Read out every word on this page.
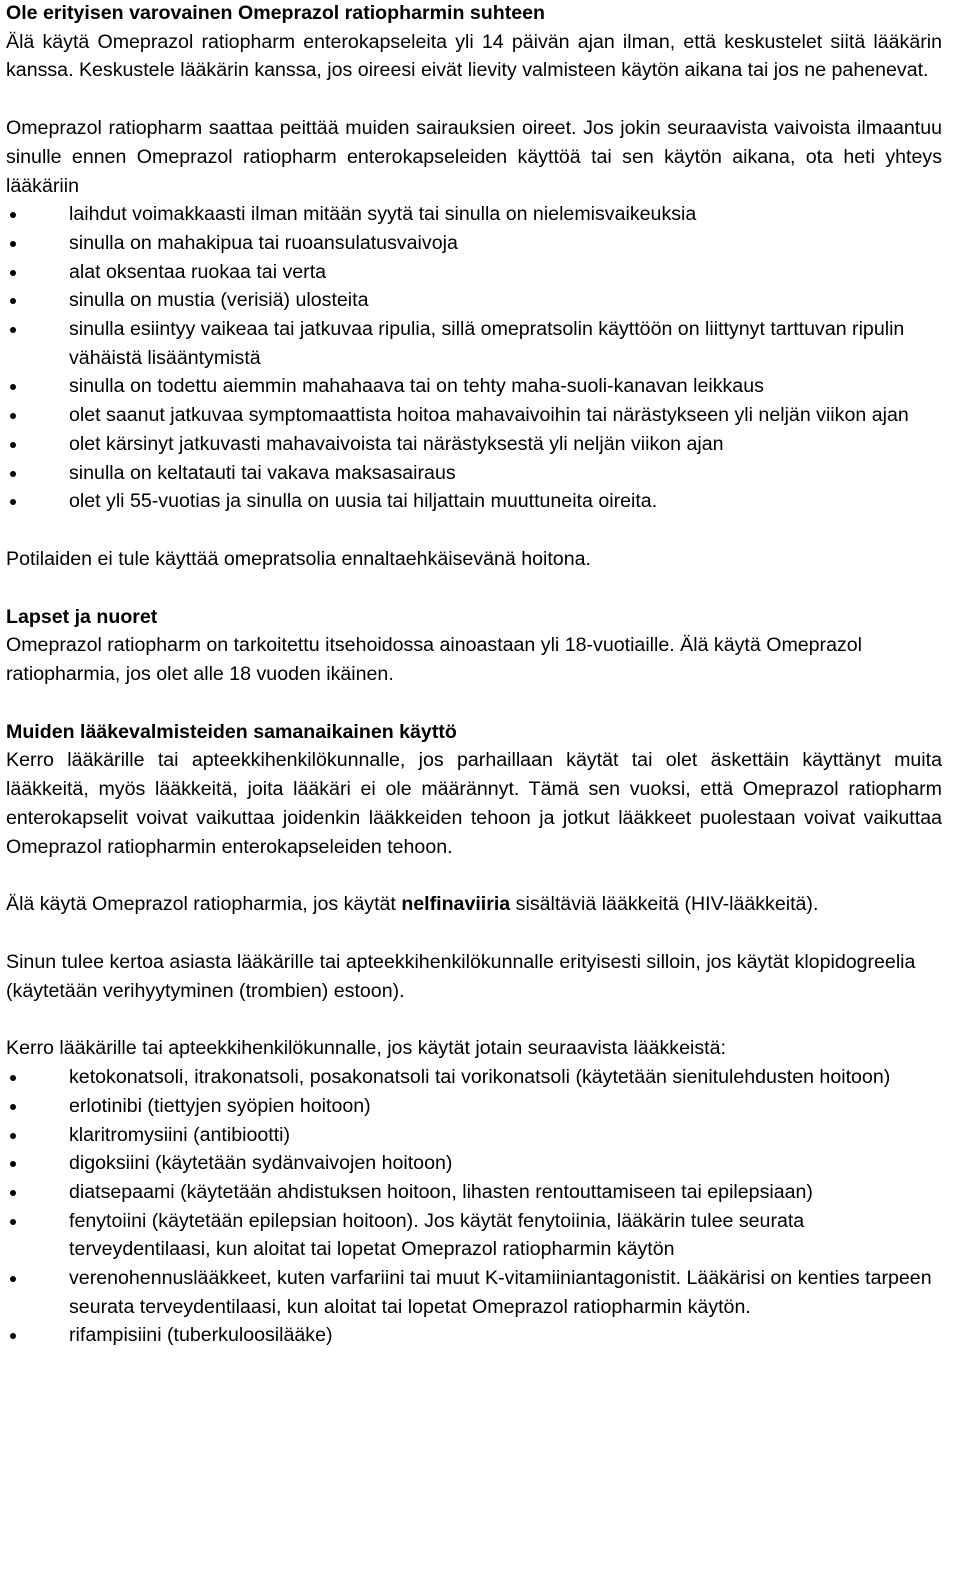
Ole erityisen varovainen Omeprazol ratiopharmin suhteen

Älä käytä Omeprazol ratiopharm enterokapseleita yli 14 päivän ajan ilman, että keskustelet siitä lääkärin kanssa. Keskustele lääkärin kanssa, jos oireesi eivät lievity valmisteen käytön aikana tai jos ne pahenevat.

Omeprazol ratiopharm saattaa peittää muiden sairauksien oireet. Jos jokin seuraavista vaivoista ilmaantuu sinulle ennen Omeprazol ratiopharm enterokapseleiden käyttöä tai sen käytön aikana, ota heti yhteys lääkäriin

laihdut voimakkaasti ilman mitään syytä tai sinulla on nielemisvaikeuksia
sinulla on mahakipua tai ruoansulatusvaivoja
alat oksentaa ruokaa tai verta
sinulla on mustia (verisiä) ulosteita
sinulla esiintyy vaikeaa tai jatkuvaa ripulia, sillä omepratsolin käyttöön on liittynyt tarttuvan ripulin vähäistä lisääntymistä
sinulla on todettu aiemmin mahahaava tai on tehty maha-suoli-kanavan leikkaus
olet saanut jatkuvaa symptomaattista hoitoa mahavaivoihin tai närästykseen yli neljän viikon ajan
olet kärsinyt jatkuvasti mahavaivoista tai närästyksestä yli neljän viikon ajan
sinulla on keltatauti tai vakava maksasairaus
olet yli 55-vuotias ja sinulla on uusia tai hiljattain muuttuneita oireita.

Potilaiden ei tule käyttää omepratsolia ennaltaehkäisevänä hoitona.

Lapset ja nuoret

Omeprazol ratiopharm on tarkoitettu itsehoidossa ainoastaan yli 18-vuotiaille. Älä käytä Omeprazol ratiopharmia, jos olet alle 18 vuoden ikäinen.

Muiden lääkevalmisteiden samanaikainen käyttö

Kerro lääkärille tai apteekkihenkilökunnalle, jos parhaillaan käytät tai olet äskettäin käyttänyt muita lääkkeitä, myös lääkkeitä, joita lääkäri ei ole määrännyt. Tämä sen vuoksi, että Omeprazol ratiopharm enterokapselit voivat vaikuttaa joidenkin lääkkeiden tehoon ja jotkut lääkkeet puolestaan voivat vaikuttaa Omeprazol ratiopharmin enterokapseleiden tehoon.

Älä käytä Omeprazol ratiopharmia, jos käytät nelfinaviiria sisältäviä lääkkeitä (HIV-lääkkeitä).

Sinun tulee kertoa asiasta lääkärille tai apteekkihenkilökunnalle erityisesti silloin, jos käytät klopidogreelia (käytetään verihyytyminen (trombien) estoon).

Kerro lääkärille tai apteekkihenkilökunnalle, jos käytät jotain seuraavista lääkkeistä:

ketokonatsoli, itrakonatsoli, posakonatsoli tai vorikonatsoli (käytetään sienitulehdusten hoitoon)
erlotinibi (tiettyjen syöpien hoitoon)
klaritromysiini (antibiootti)
digoksiini (käytetään sydänvaivojen hoitoon)
diatsepaami (käytetään ahdistuksen hoitoon, lihasten rentouttamiseen tai epilepsiaan)
fenytoiini (käytetään epilepsian hoitoon). Jos käytät fenytoiinia, lääkärin tulee seurata terveydentilaasi, kun aloitat tai lopetat Omeprazol ratiopharmin käytön
verenohennuslääkkeet, kuten varfariini tai muut K-vitamiiniantagonistit. Lääkärisi on kenties tarpeen seurata terveydentilaasi, kun aloitat tai lopetat Omeprazol ratiopharmin käytön.
rifampisiini (tuberkuloosilääke)
